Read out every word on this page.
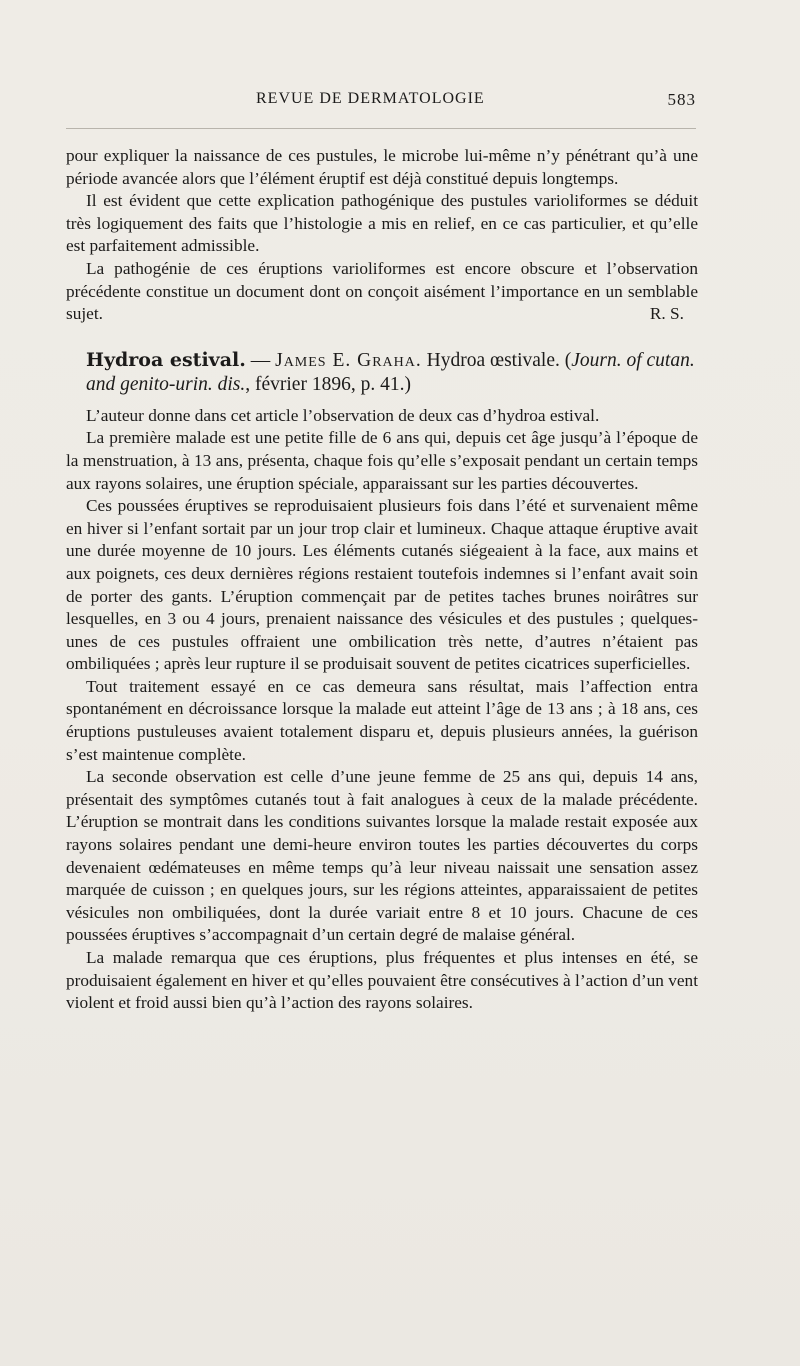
REVUE DE DERMATOLOGIE	583

pour expliquer la naissance de ces pustules, le microbe lui-même n’y pénétrant qu’à une période avancée alors que l’élément éruptif est déjà constitué depuis longtemps.

Il est évident que cette explication pathogénique des pustules varioliformes se déduit très logiquement des faits que l’histologie a mis en relief, en ce cas particulier, et qu’elle est parfaitement admissible.

La pathogénie de ces éruptions varioliformes est encore obscure et l’observation précédente constitue un document dont on conçoit aisément l’importance en un semblable sujet.	R. S.

Hydroa estival. — James E. Graha. Hydroa œstivale. (Journ. of cutan. and genito-urin. dis., février 1896, p. 41.)

L’auteur donne dans cet article l’observation de deux cas d’hydroa estival.

La première malade est une petite fille de 6 ans qui, depuis cet âge jusqu’à l’époque de la menstruation, à 13 ans, présenta, chaque fois qu’elle s’exposait pendant un certain temps aux rayons solaires, une éruption spéciale, apparaissant sur les parties découvertes.

Ces poussées éruptives se reproduisaient plusieurs fois dans l’été et survenaient même en hiver si l’enfant sortait par un jour trop clair et lumineux. Chaque attaque éruptive avait une durée moyenne de 10 jours. Les éléments cutanés siégeaient à la face, aux mains et aux poignets, ces deux dernières régions restaient toutefois indemnes si l’enfant avait soin de porter des gants. L’éruption commençait par de petites taches brunes noirâtres sur lesquelles, en 3 ou 4 jours, prenaient naissance des vésicules et des pustules ; quelques-unes de ces pustules offraient une ombilication très nette, d’autres n’étaient pas ombiliquées ; après leur rupture il se produisait souvent de petites cicatrices superficielles.

Tout traitement essayé en ce cas demeura sans résultat, mais l’affection entra spontanément en décroissance lorsque la malade eut atteint l’âge de 13 ans ; à 18 ans, ces éruptions pustuleuses avaient totalement disparu et, depuis plusieurs années, la guérison s’est maintenue complète.

La seconde observation est celle d’une jeune femme de 25 ans qui, depuis 14 ans, présentait des symptômes cutanés tout à fait analogues à ceux de la malade précédente. L’éruption se montrait dans les conditions suivantes lorsque la malade restait exposée aux rayons solaires pendant une demi-heure environ toutes les parties découvertes du corps devenaient œdémateuses en même temps qu’à leur niveau naissait une sensation assez marquée de cuisson ; en quelques jours, sur les régions atteintes, apparaissaient de petites vésicules non ombiliquées, dont la durée variait entre 8 et 10 jours. Chacune de ces poussées éruptives s’accompagnait d’un certain degré de malaise général.

La malade remarqua que ces éruptions, plus fréquentes et plus intenses en été, se produisaient également en hiver et qu’elles pouvaient être consécutives à l’action d’un vent violent et froid aussi bien qu’à l’action des rayons solaires.
